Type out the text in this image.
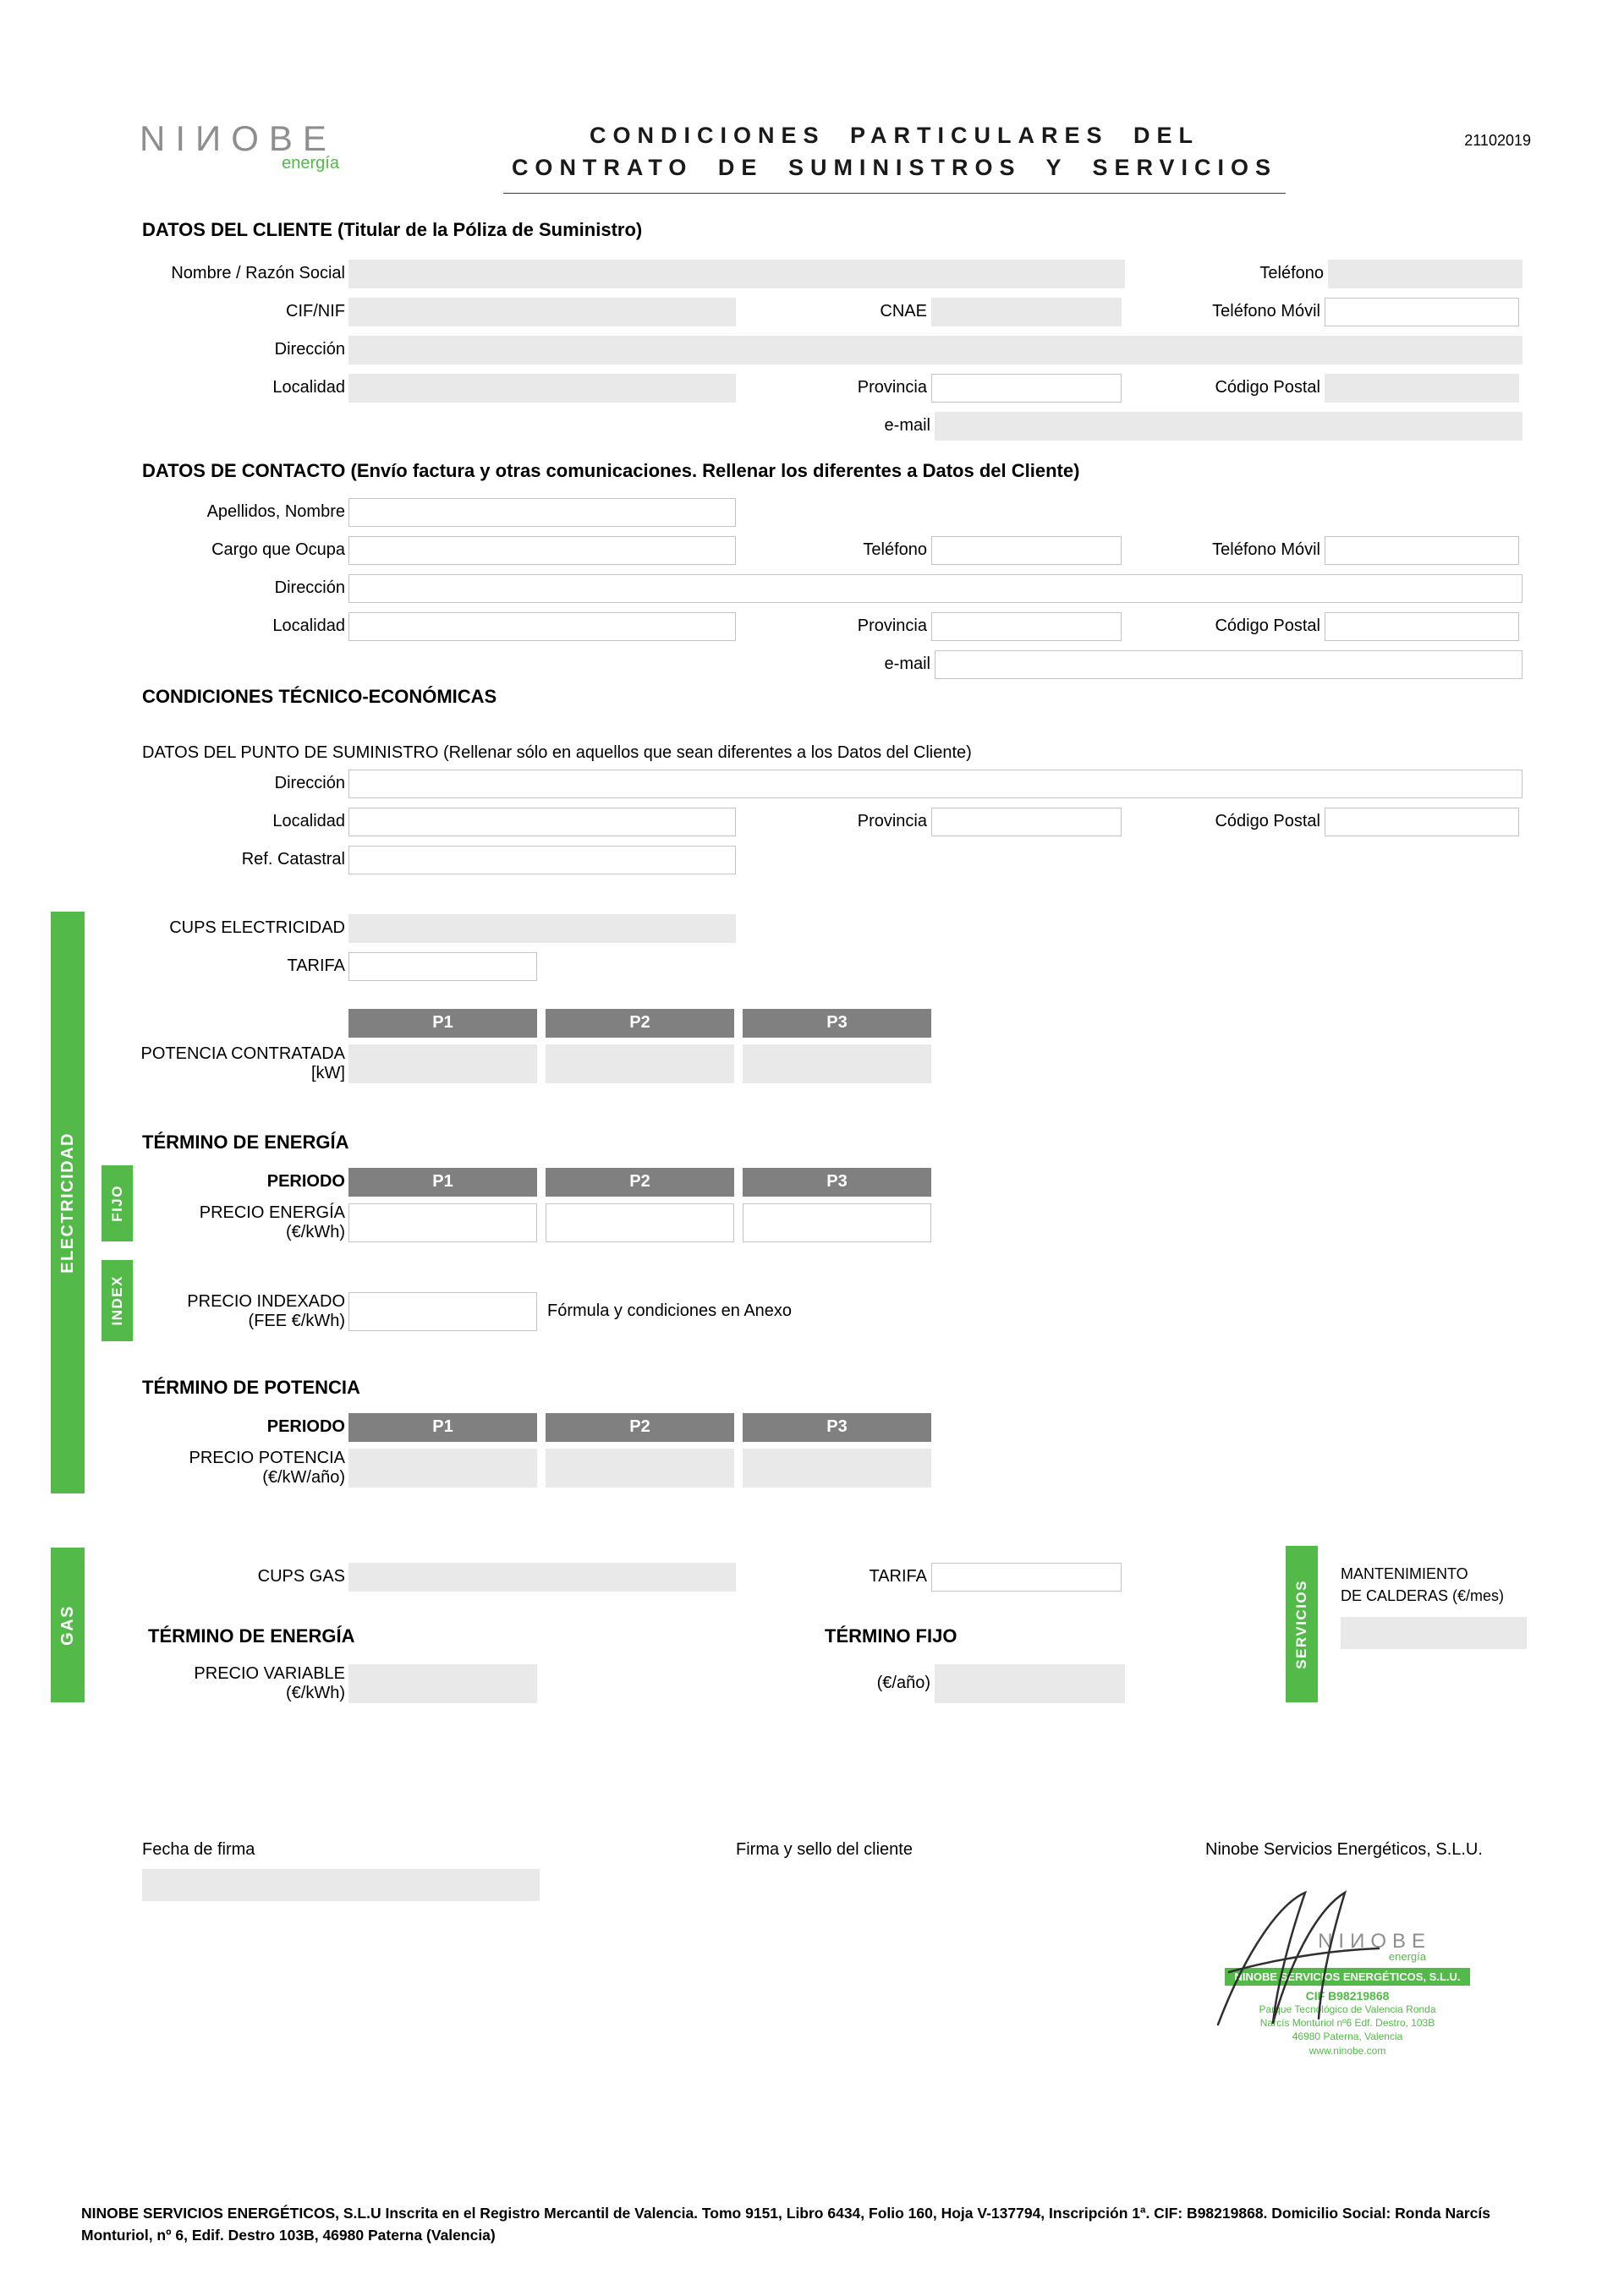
NIИOBE
energía
CONDICIONES PARTICULARES DEL
CONTRATO DE SUMINISTROS Y SERVICIOS
21102019
DATOS DEL CLIENTE (Titular de la Póliza de Suministro)
Nombre / Razón Social	Teléfono
CIF/NIF	CNAE	Teléfono Móvil
Dirección
Localidad	Provincia	Código Postal
e-mail
DATOS DE CONTACTO (Envío factura y otras comunicaciones. Rellenar los diferentes a Datos del Cliente)
Apellidos, Nombre
Cargo que Ocupa	Teléfono	Teléfono Móvil
Dirección
Localidad	Provincia	Código Postal
e-mail
CONDICIONES TÉCNICO-ECONÓMICAS
DATOS DEL PUNTO DE SUMINISTRO (Rellenar sólo en aquellos que sean diferentes a los Datos del Cliente)
Dirección
Localidad	Provincia	Código Postal
Ref. Catastral
CUPS ELECTRICIDAD
TARIFA
P1	P2	P3
POTENCIA CONTRATADA
[kW]
TÉRMINO DE ENERGÍA
PERIODO	P1	P2	P3
PRECIO ENERGÍA
(€/kWh)
PRECIO INDEXADO
(FEE €/kWh)
Fórmula y condiciones en Anexo
TÉRMINO DE POTENCIA
PERIODO	P1	P2	P3
PRECIO POTENCIA
(€/kW/año)
CUPS GAS	TARIFA
TÉRMINO DE ENERGÍA	TÉRMINO FIJO
PRECIO VARIABLE
(€/kWh)
(€/año)
Fecha de firma	Firma y sello del cliente	Ninobe Servicios Energéticos, S.L.U.
ELECTRICIDAD FIJO
INDEX
GAS	SERVICIOS
MANTENIMIENTO
DE CALDERAS (€/mes)
NIИOBE
energía
NINOBE SERVICIOS ENERGÉTICOS, S.L.U.
CIF B98219868
Parque Tecnológico de Valencia Ronda
Narcís Monturiol nº6 Edf. Destro, 103B
46980 Paterna, Valencia
www.ninobe.com
NINOBE SERVICIOS ENERGÉTICOS, S.L.U Inscrita en el Registro Mercantil de Valencia. Tomo 9151, Libro 6434, Folio 160, Hoja V-137794, Inscripción 1ª. CIF: B98219868. Domicilio Social: Ronda Narcís Monturiol, nº 6, Edif. Destro 103B, 46980 Paterna (Valencia)
